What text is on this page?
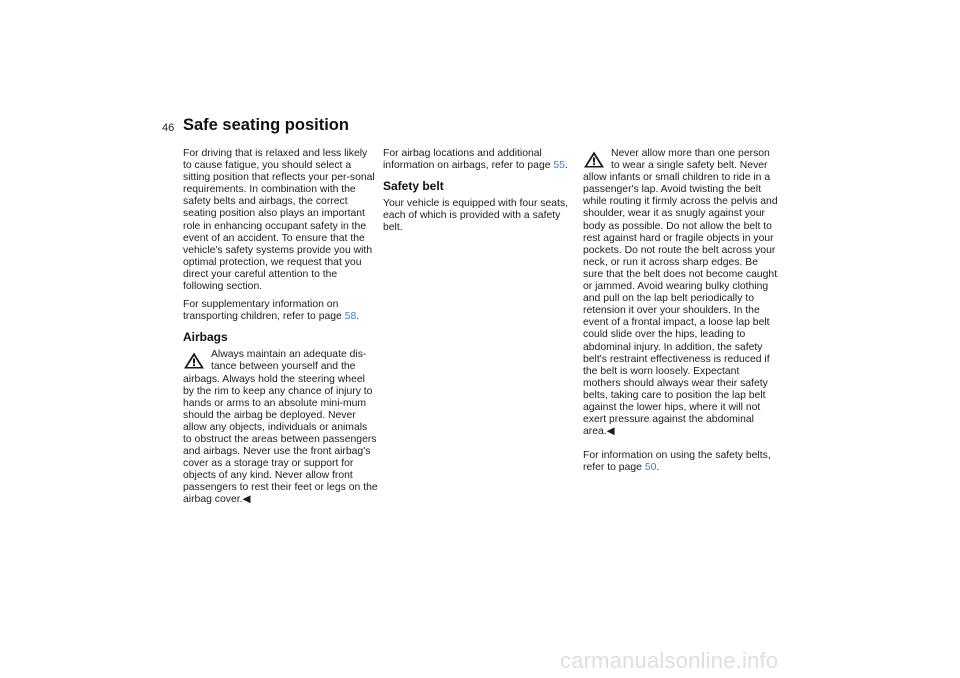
46 Safe seating position

For driving that is relaxed and less likely to cause fatigue, you should select a sitting position that reflects your per-sonal requirements. In combination with the safety belts and airbags, the correct seating position also plays an important role in enhancing occupant safety in the event of an accident. To ensure that the vehicle's safety systems provide you with optimal protection, we request that you direct your careful attention to the following section.

For supplementary information on transporting children, refer to page 58.

Airbags

Always maintain an adequate dis-tance between yourself and the airbags. Always hold the steering wheel by the rim to keep any chance of injury to hands or arms to an absolute mini-mum should the airbag be deployed. Never allow any objects, individuals or animals to obstruct the areas between passengers and airbags. Never use the front airbag's cover as a storage tray or support for objects of any kind. Never allow front passengers to rest their feet or legs on the airbag cover.◀

For airbag locations and additional information on airbags, refer to page 55.

Safety belt

Your vehicle is equipped with four seats, each of which is provided with a safety belt.

Never allow more than one person to wear a single safety belt. Never allow infants or small children to ride in a passenger's lap. Avoid twisting the belt while routing it firmly across the pelvis and shoulder, wear it as snugly against your body as possible. Do not allow the belt to rest against hard or fragile objects in your pockets. Do not route the belt across your neck, or run it across sharp edges. Be sure that the belt does not become caught or jammed. Avoid wearing bulky clothing and pull on the lap belt periodically to retension it over your shoulders. In the event of a frontal impact, a loose lap belt could slide over the hips, leading to abdominal injury. In addition, the safety belt's restraint effectiveness is reduced if the belt is worn loosely. Expectant mothers should always wear their safety belts, taking care to position the lap belt against the lower hips, where it will not exert pressure against the abdominal area.◀

For information on using the safety belts, refer to page 50.

carmanualsonline.info
